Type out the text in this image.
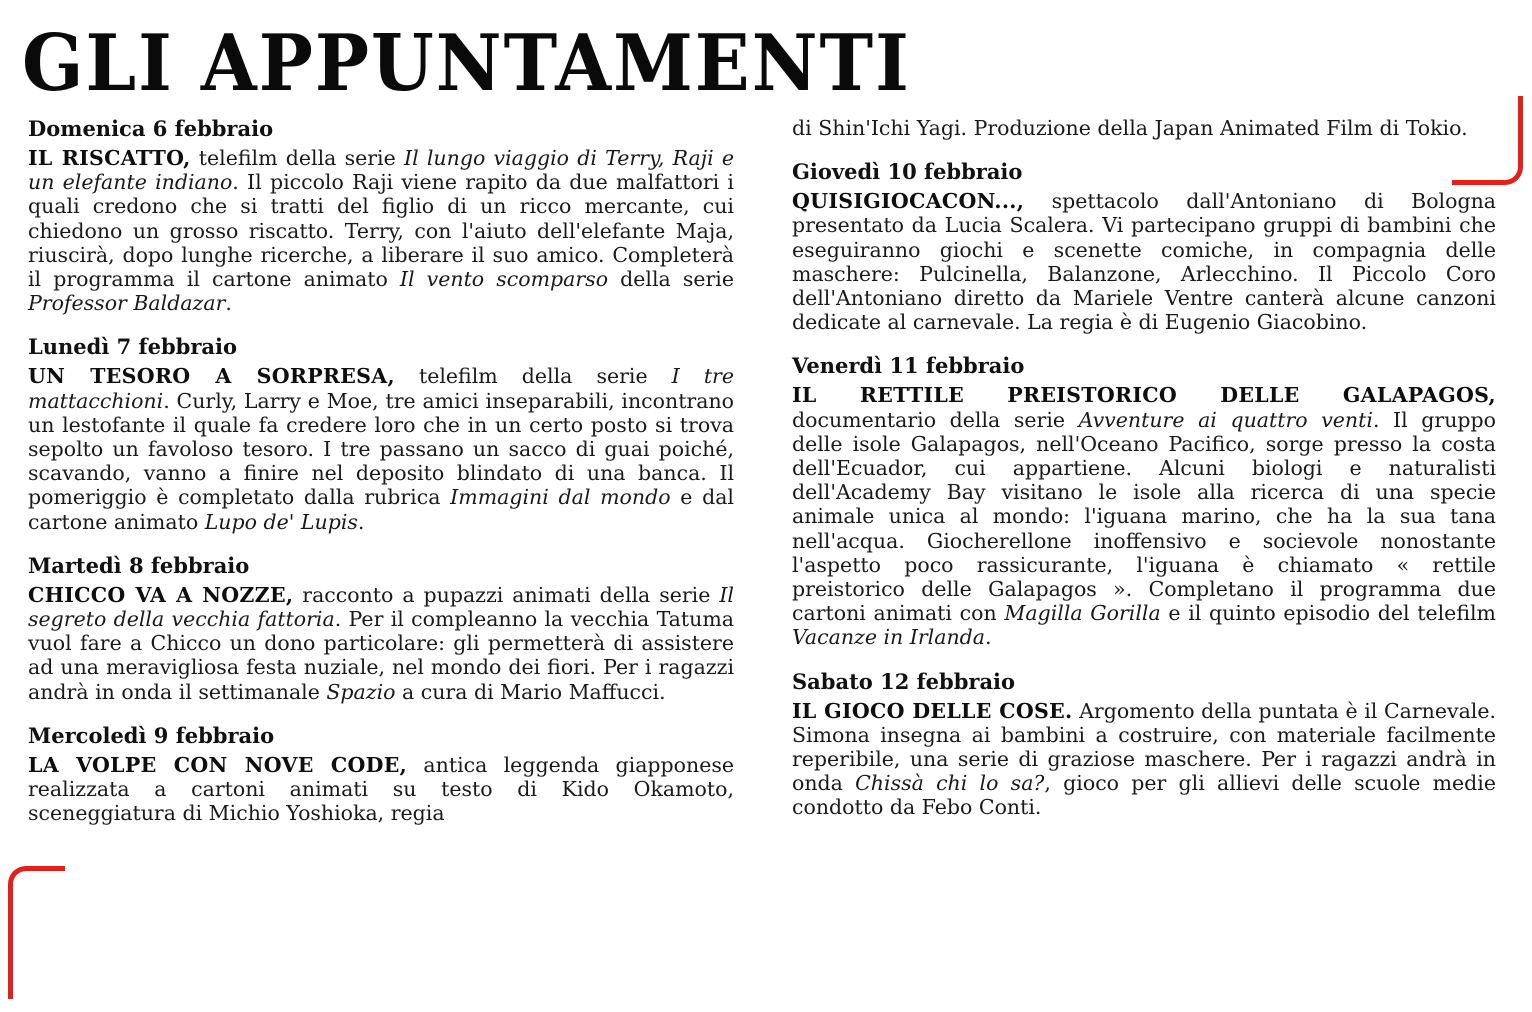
GLI APPUNTAMENTI
Domenica 6 febbraio

IL RISCATTO, telefilm della serie Il lungo viaggio di Terry, Raji e un elefante indiano. Il piccolo Raji viene rapito da due malfattori i quali credono che si tratti del figlio di un ricco mercante, cui chiedono un grosso riscatto. Terry, con l'aiuto dell'elefante Maja, riuscirà, dopo lunghe ricerche, a liberare il suo amico. Completerà il programma il cartone animato Il vento scomparso della serie Professor Baldazar.

Lunedì 7 febbraio

UN TESORO A SORPRESA, telefilm della serie I tre mattacchioni. Curly, Larry e Moe, tre amici inseparabili, incontrano un lestofante il quale fa credere loro che in un certo posto si trova sepolto un favoloso tesoro. I tre passano un sacco di guai poiché, scavando, vanno a finire nel deposito blindato di una banca. Il pomeriggio è completato dalla rubrica Immagini dal mondo e dal cartone animato Lupo de' Lupis.

Martedì 8 febbraio

CHICCO VA A NOZZE, racconto a pupazzi animati della serie Il segreto della vecchia fattoria. Per il compleanno la vecchia Tatuma vuol fare a Chicco un dono particolare: gli permetterà di assistere ad una meravigliosa festa nuziale, nel mondo dei fiori. Per i ragazzi andrà in onda il settimanale Spazio a cura di Mario Maffucci.

Mercoledì 9 febbraio

LA VOLPE CON NOVE CODE, antica leggenda giapponese realizzata a cartoni animati su testo di Kido Okamoto, sceneggiatura di Michio Yoshioka, regia

di Shin'Ichi Yagi. Produzione della Japan Animated Film di Tokio.

Giovedì 10 febbraio

QUISIGIOCACON..., spettacolo dall'Antoniano di Bologna presentato da Lucia Scalera. Vi partecipano gruppi di bambini che eseguiranno giochi e scenette comiche, in compagnia delle maschere: Pulcinella, Balanzone, Arlecchino. Il Piccolo Coro dell'Antoniano diretto da Mariele Ventre canterà alcune canzoni dedicate al carnevale. La regia è di Eugenio Giacobino.

Venerdì 11 febbraio

IL RETTILE PREISTORICO DELLE GALAPAGOS, documentario della serie Avventure ai quattro venti. Il gruppo delle isole Galapagos, nell'Oceano Pacifico, sorge presso la costa dell'Ecuador, cui appartiene. Alcuni biologi e naturalisti dell'Academy Bay visitano le isole alla ricerca di una specie animale unica al mondo: l'iguana marino, che ha la sua tana nell'acqua. Giocherellone inoffensivo e socievole nonostante l'aspetto poco rassicurante, l'iguana è chiamato « rettile preistorico delle Galapagos ». Completano il programma due cartoni animati con Magilla Gorilla e il quinto episodio del telefilm Vacanze in Irlanda.

Sabato 12 febbraio

IL GIOCO DELLE COSE. Argomento della puntata è il Carnevale. Simona insegna ai bambini a costruire, con materiale facilmente reperibile, una serie di graziose maschere. Per i ragazzi andrà in onda Chissà chi lo sa?, gioco per gli allievi delle scuole medie condotto da Febo Conti.
